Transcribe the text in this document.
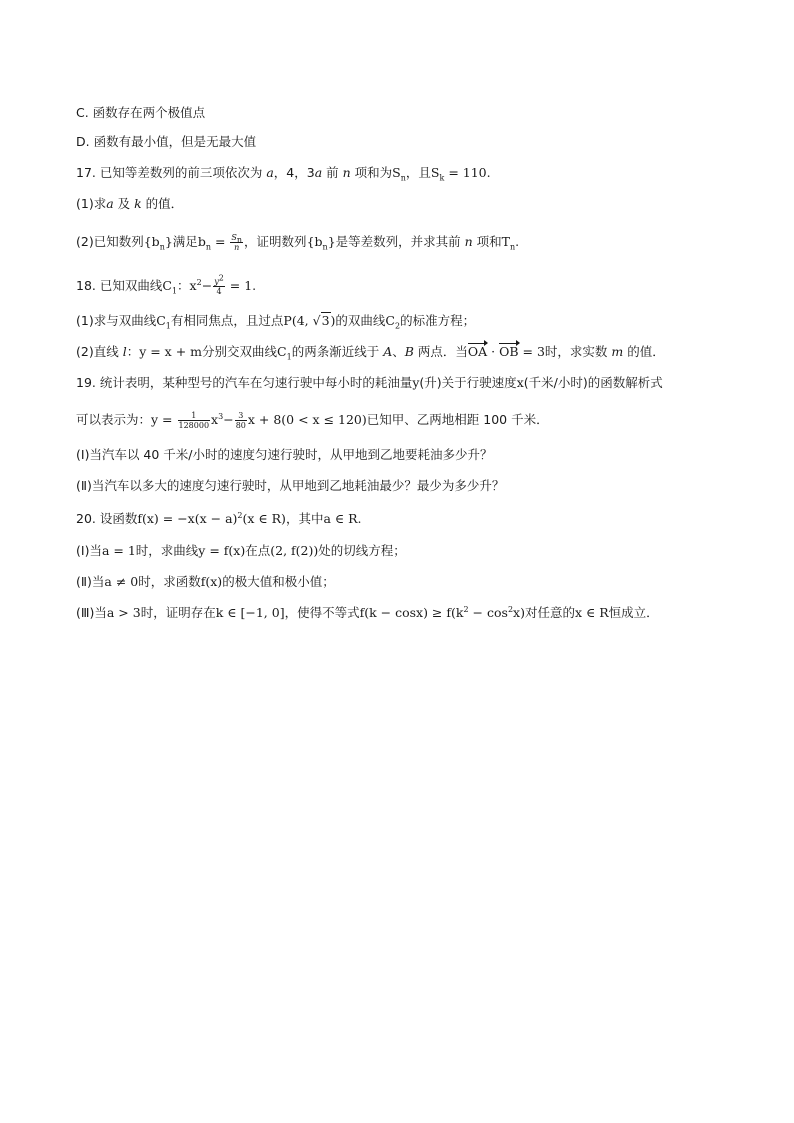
C. 函数存在两个极值点
D. 函数有最小值，但是无最大值
17. 已知等差数列的前三项依次为 a，4，3a 前 n 项和为$S_n$，且$S_k = 110$.
(1)求a 及 k 的值．
(2)已知数列$\{b_n\}$满足$b_n = \frac{S_n}{n}$ ，证明数列$\{b_n\}$是等差数列，并求其前 n 项和$T_n$.
18. 已知双曲线$C_1$：$x^2- \frac{y^2}{4} = 1$.
(1)求与双曲线$C_1$有相同焦点，且过点P(4, √3)的双曲线$C_2$的标准方程；
(2)直线 l：y = x + m分别交双曲线$C_1$的两条渐近线于 A、B 两点．当OA · OB = 3时，求实数 m 的值．
19. 统计表明，某种型号的汽车在匀速行驶中每小时的耗油量y(升)关于行驶速度x(千米/小时)的函数解析式
可以表示为：$y = \frac{1}{128000} x^3- \frac{3}{80}$ x + 8(0 < x ≤ 120)已知甲、乙两地相距 100 千米．
(Ⅰ)当汽车以 40 千米/小时的速度匀速行驶时，从甲地到乙地要耗油多少升？
(Ⅱ)当汽车以多大的速度匀速行驶时，从甲地到乙地耗油最少？最少为多少升？
20. 设函数$f(x) = -x(x - a)^2(x$ ∈ R)，其中a ∈ R.
(Ⅰ)当a = 1时，求曲线y = f(x)在点(2, f(2))处的切线方程；
(Ⅱ)当a ≠ 0时，求函数f(x)的极大值和极小值；
(Ⅲ)当a > 3时，证明存在k ∈ [−1, 0]，使得不等式$f(k - \cos x) \ge f(k^2 - \cos^2x)$对任意的x ∈ R恒成立．
